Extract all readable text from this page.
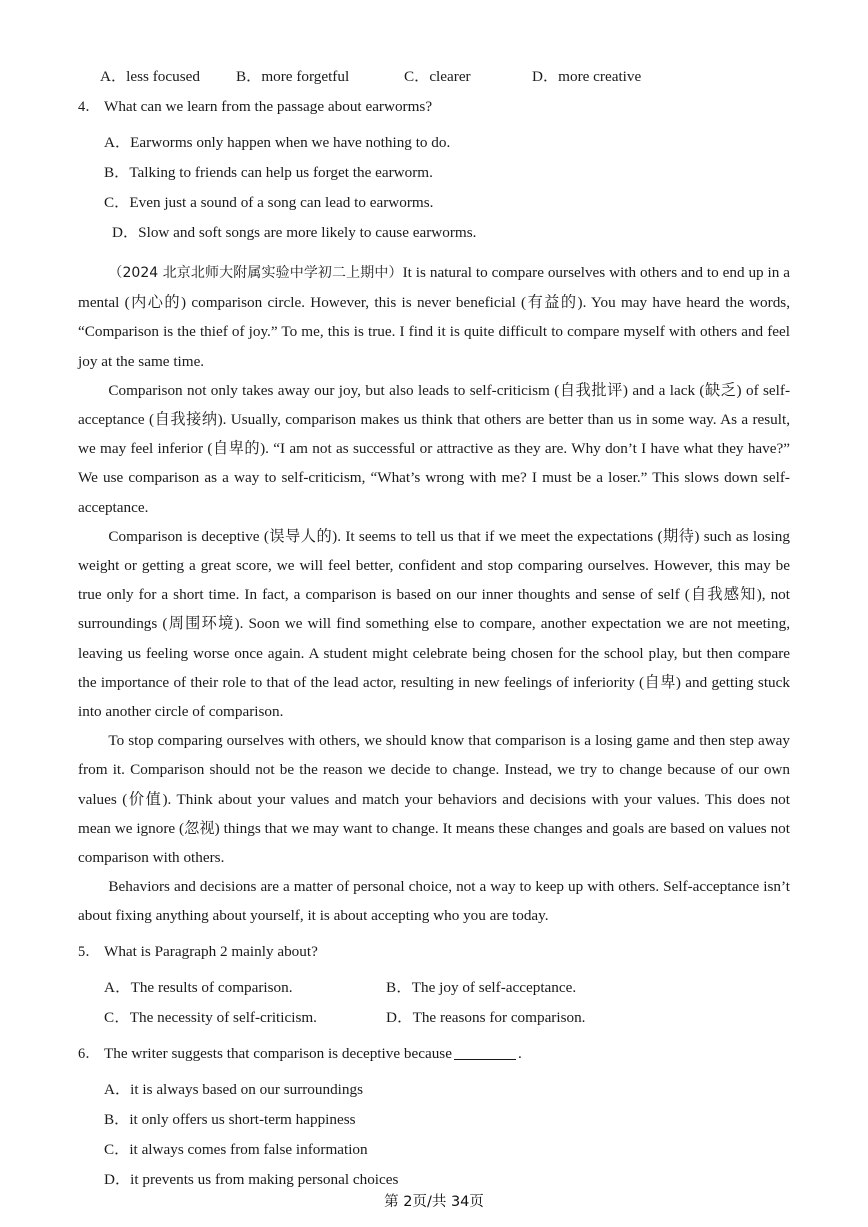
A．less focused B．more forgetful	C．clearer	D．more creative
4． What can we learn from the passage about earworms?
A．Earworms only happen when we have nothing to do.
B．Talking to friends can help us forget the earworm.
C．Even just a sound of a song can lead to earworms.
D．Slow and soft songs are more likely to cause earworms.

（2024 北京北师大附属实验中学初二上期中）It is natural to compare ourselves with others and to end up in a mental (内心的) comparison circle. However, this is never beneficial (有益的). You may have heard the words, “Comparison is the thief of joy.” To me, this is true. I find it is quite difficult to compare myself with others and feel joy at the same time.

Comparison not only takes away our joy, but also leads to self-criticism (自我批评) and a lack (缺乏) of self-acceptance (自我接纳). Usually, comparison makes us think that others are better than us in some way. As a result, we may feel inferior (自卑的). “I am not as successful or attractive as they are. Why don’t I have what they have?” We use comparison as a way to self-criticism, “What’s wrong with me? I must be a loser.” This slows down self-acceptance.

Comparison is deceptive (误导人的). It seems to tell us that if we meet the expectations (期待) such as losing weight or getting a great score, we will feel better, confident and stop comparing ourselves. However, this may be true only for a short time. In fact, a comparison is based on our inner thoughts and sense of self (自我感知), not surroundings (周围环境). Soon we will find something else to compare, another expectation we are not meeting, leaving us feeling worse once again. A student might celebrate being chosen for the school play, but then compare the importance of their role to that of the lead actor, resulting in new feelings of inferiority (自卑) and getting stuck into another circle of comparison.

To stop comparing ourselves with others, we should know that comparison is a losing game and then step away from it. Comparison should not be the reason we decide to change. Instead, we try to change because of our own values (价值). Think about your values and match your behaviors and decisions with your values. This does not mean we ignore (忽视) things that we may want to change. It means these changes and goals are based on values not comparison with others.

Behaviors and decisions are a matter of personal choice, not a way to keep up with others. Self-acceptance isn’t about fixing anything about yourself, it is about accepting who you are today.

5． What is Paragraph 2 mainly about?
A．The results of comparison.	B．The joy of self-acceptance.
C．The necessity of self-criticism.	D．The reasons for comparison.
6． The writer suggests that comparison is deceptive because	.
A．it is always based on our surroundings
B．it only offers us short-term happiness
C．it always comes from false information
D．it prevents us from making personal choices
第 2页/共 34页
